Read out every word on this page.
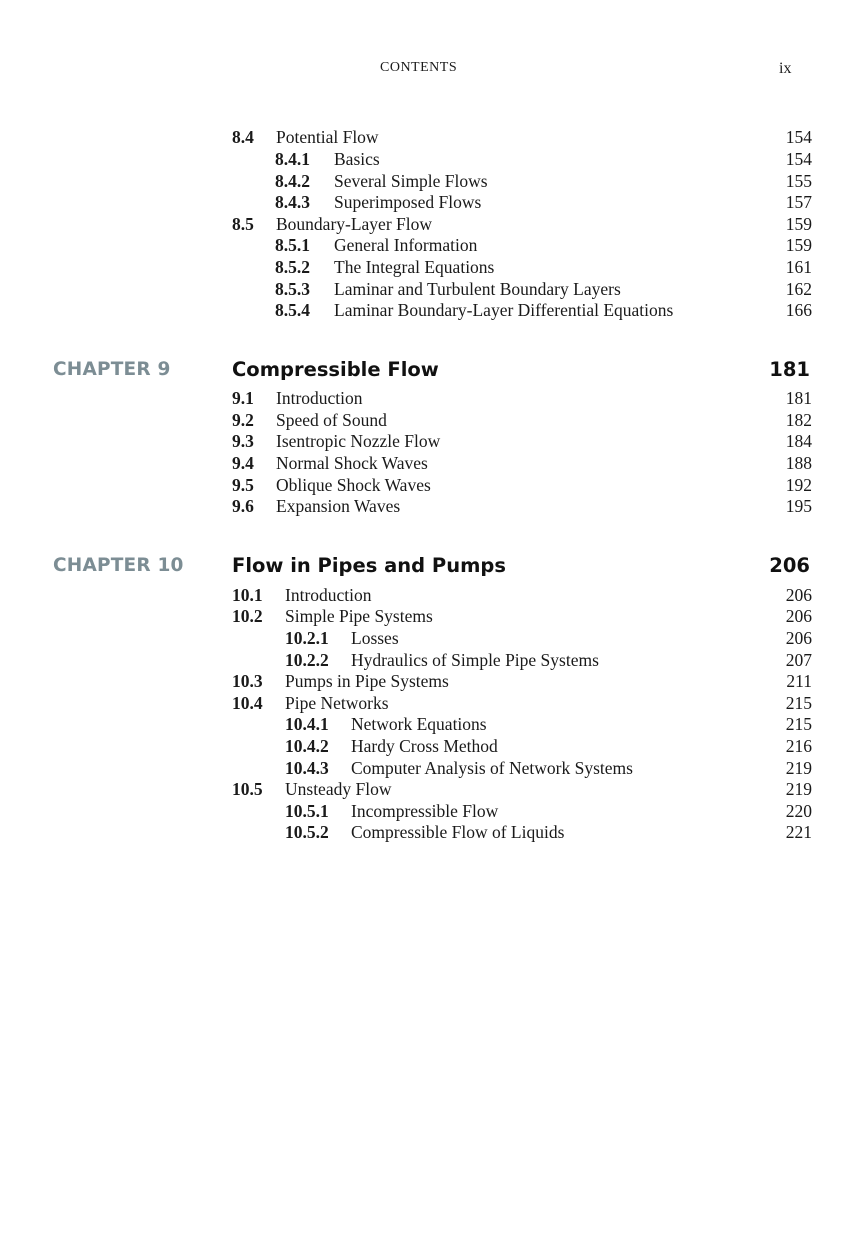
CONTENTS	ix
8.4 Potential Flow	154
8.4.1 Basics	154
8.4.2 Several Simple Flows	155
8.4.3 Superimposed Flows	157
8.5 Boundary-Layer Flow	159
8.5.1 General Information	159
8.5.2 The Integral Equations	161
8.5.3 Laminar and Turbulent Boundary Layers	162
8.5.4 Laminar Boundary-Layer Differential Equations	166
CHAPTER 9	Compressible Flow	181
9.1 Introduction	181
9.2 Speed of Sound	182
9.3 Isentropic Nozzle Flow	184
9.4 Normal Shock Waves	188
9.5 Oblique Shock Waves	192
9.6 Expansion Waves	195
CHAPTER 10 Flow in Pipes and Pumps	206
10.1 Introduction	206
10.2 Simple Pipe Systems	206
10.2.1 Losses	206
10.2.2 Hydraulics of Simple Pipe Systems	207
10.3 Pumps in Pipe Systems	211
10.4 Pipe Networks	215
10.4.1 Network Equations	215
10.4.2 Hardy Cross Method	216
10.4.3 Computer Analysis of Network Systems	219
10.5 Unsteady Flow	219
10.5.1 Incompressible Flow	220
10.5.2 Compressible Flow of Liquids	221
